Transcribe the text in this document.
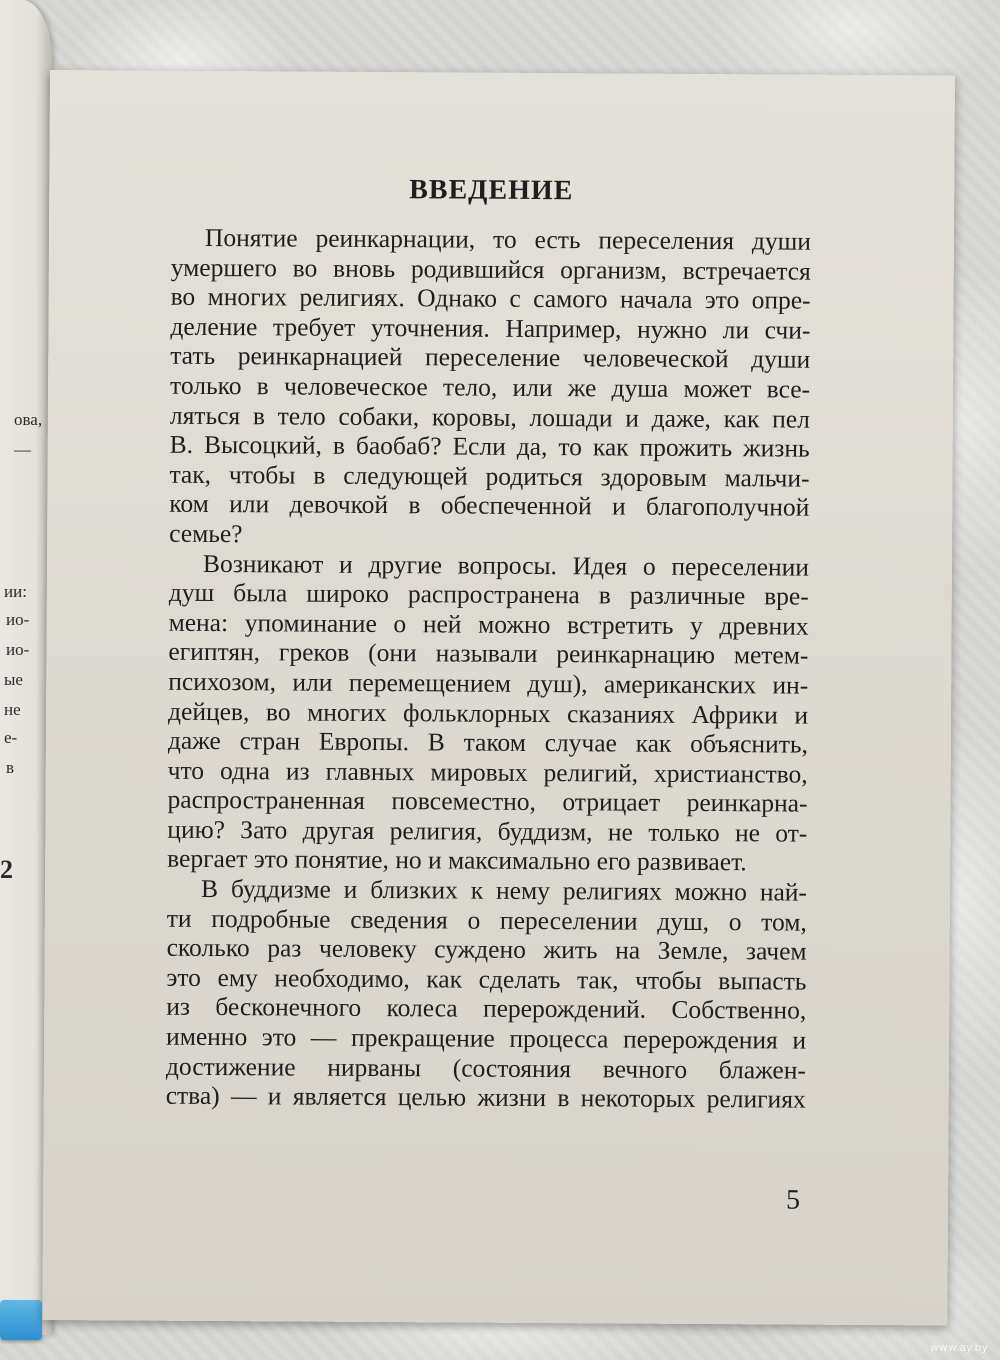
ова,
—
ии:
ио-
ио-
ые
не
е-
в
2
ВВЕДЕНИЕ
Понятие реинкарнации, то есть переселения души
умершего во вновь родившийся организм, встречается
во многих религиях. Однако с самого начала это опре-
деление требует уточнения. Например, нужно ли счи-
тать реинкарнацией переселение человеческой души
только в человеческое тело, или же душа может все-
ляться в тело собаки, коровы, лошади и даже, как пел
В. Высоцкий, в баобаб? Если да, то как прожить жизнь
так, чтобы в следующей родиться здоровым мальчи-
ком или девочкой в обеспеченной и благополучной
семье?
Возникают и другие вопросы. Идея о переселении
душ была широко распространена в различные вре-
мена: упоминание о ней можно встретить у древних
египтян, греков (они называли реинкарнацию метем-
психозом, или перемещением душ), американских ин-
дейцев, во многих фольклорных сказаниях Африки и
даже стран Европы. В таком случае как объяснить,
что одна из главных мировых религий, христианство,
распространенная повсеместно, отрицает реинкарна-
цию? Зато другая религия, буддизм, не только не от-
вергает это понятие, но и максимально его развивает.
В буддизме и близких к нему религиях можно най-
ти подробные сведения о переселении душ, о том,
сколько раз человеку суждено жить на Земле, зачем
это ему необходимо, как сделать так, чтобы выпасть
из бесконечного колеса перерождений. Собственно,
именно это — прекращение процесса перерождения и
достижение нирваны (состояния вечного блажен-
ства) — и является целью жизни в некоторых религиях
5
www.ay.by
